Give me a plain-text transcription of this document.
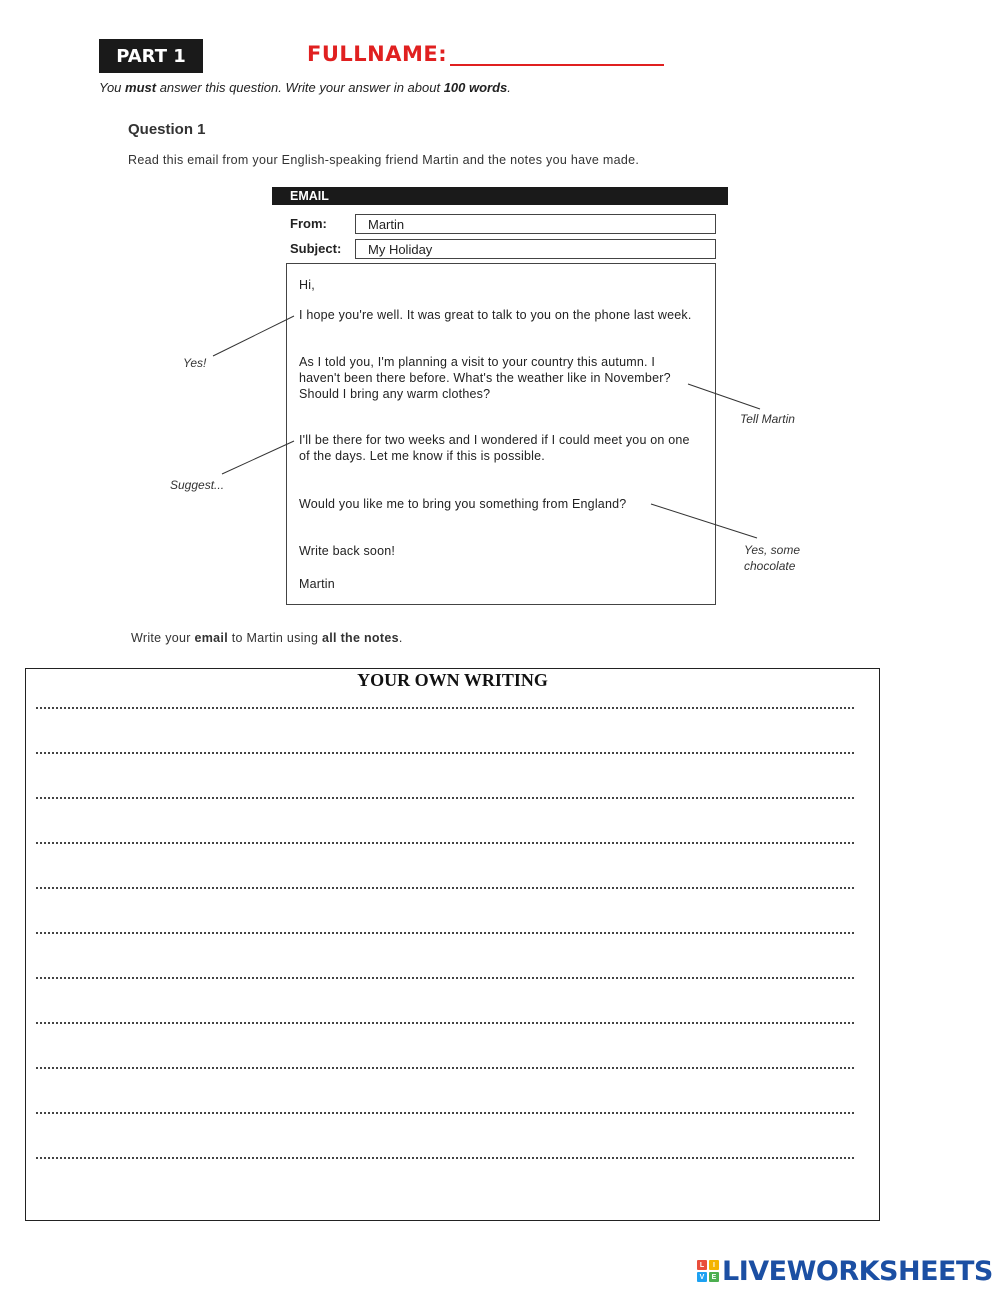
PART 1	FULLNAME:
You must answer this question. Write your answer in about 100 words.
Question 1
Read this email from your English-speaking friend Martin and the notes you have made.
EMAIL
From:	Martin
Subject:	My Holiday
Hi,
I hope you're well. It was great to talk to you on the phone last week.
As I told you, I'm planning a visit to your country this autumn. I haven't been there before. What's the weather like in November? Should I bring any warm clothes?
I'll be there for two weeks and I wondered if I could meet you on one of the days. Let me know if this is possible.
Would you like me to bring you something from England?
Write back soon!
Martin
Yes!
Tell Martin
Suggest...
Yes, some
chocolate
Write your email to Martin using all the notes.
YOUR OWN WRITING
L	I
V	E LIVEWORKSHEETS
